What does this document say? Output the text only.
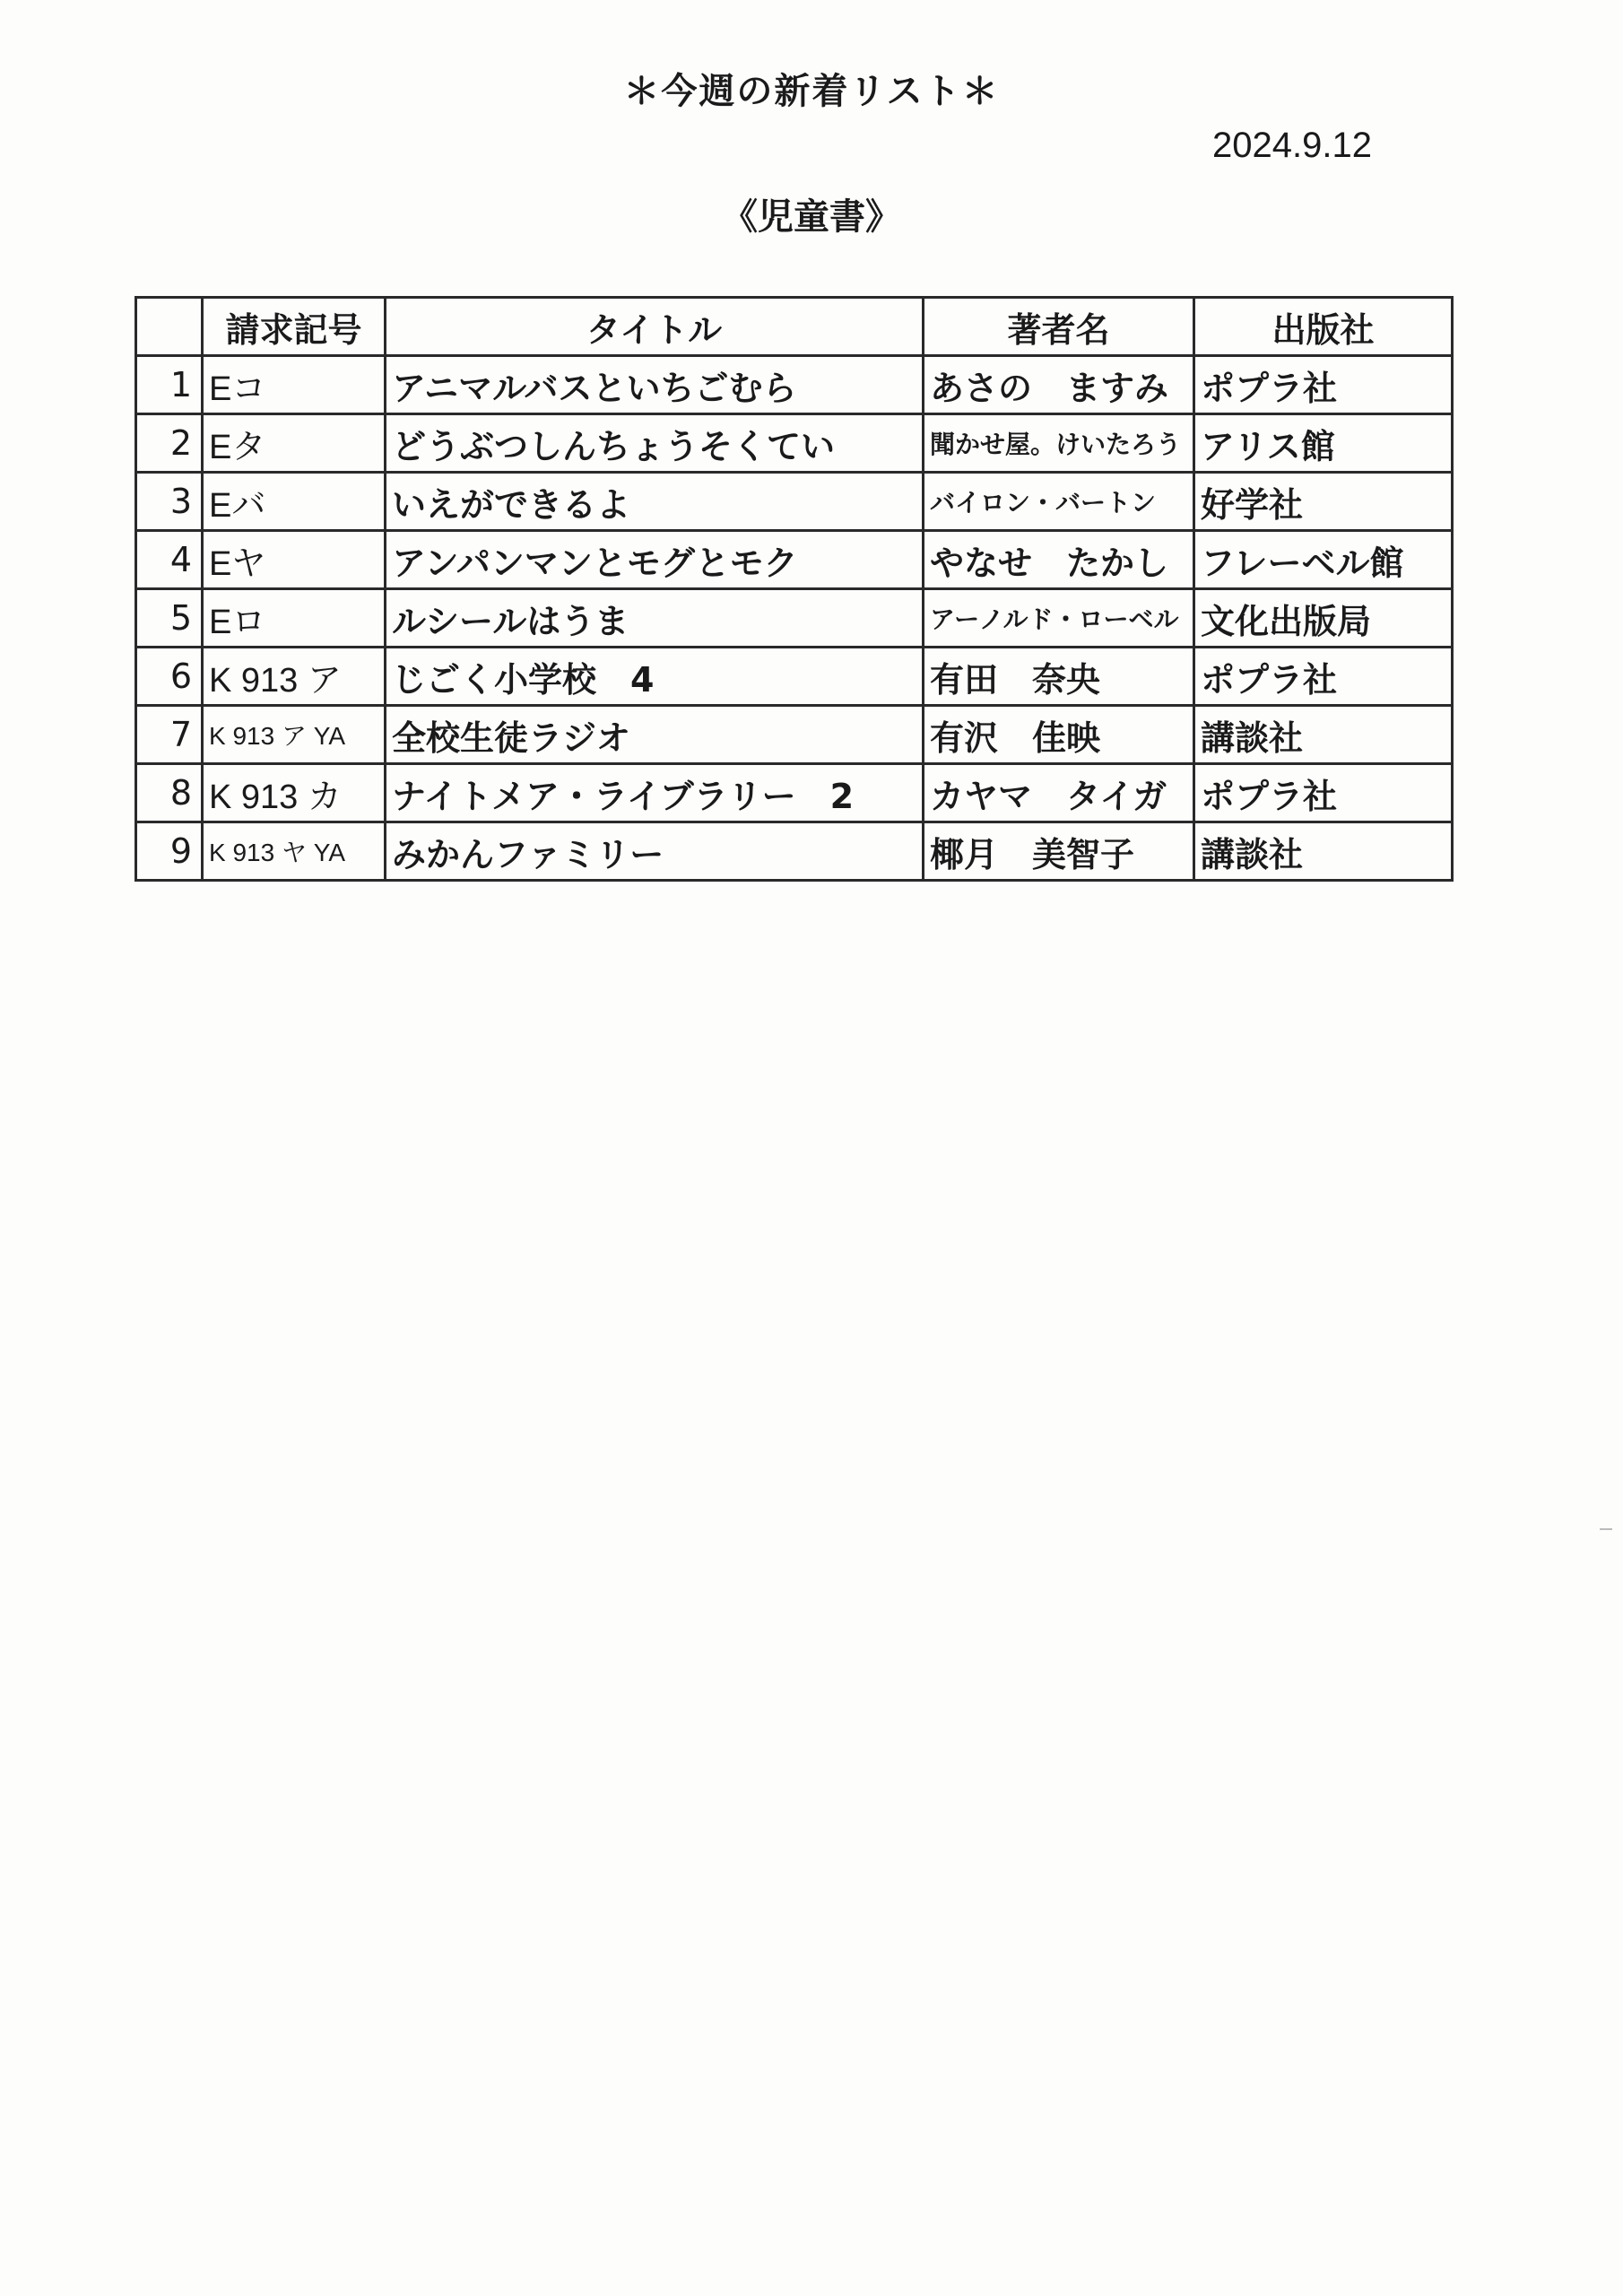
＊今週の新着リスト＊
2024.9.12
《児童書》
	請求記号	タイトル	著者名	出版社
1	Eコ	アニマルバスといちごむら	あさの　ますみ	ポプラ社
2	Eタ	どうぶつしんちょうそくてい	聞かせ屋。けいたろう	アリス館
3	Eバ	いえができるよ	バイロン・バートン	好学社
4	Eヤ	アンパンマンとモグとモク	やなせ　たかし	フレーベル館
5	Eロ	ルシールはうま	アーノルド・ローベル	文化出版局
6	K 913 ア	じごく小学校　4	有田　奈央	ポプラ社
7	K 913 ア YA	全校生徒ラジオ	有沢　佳映	講談社
8	K 913 カ	ナイトメア・ライブラリー　2	カヤマ　タイガ	ポプラ社
9	K 913 ヤ YA	みかんファミリー	椰月　美智子	講談社
